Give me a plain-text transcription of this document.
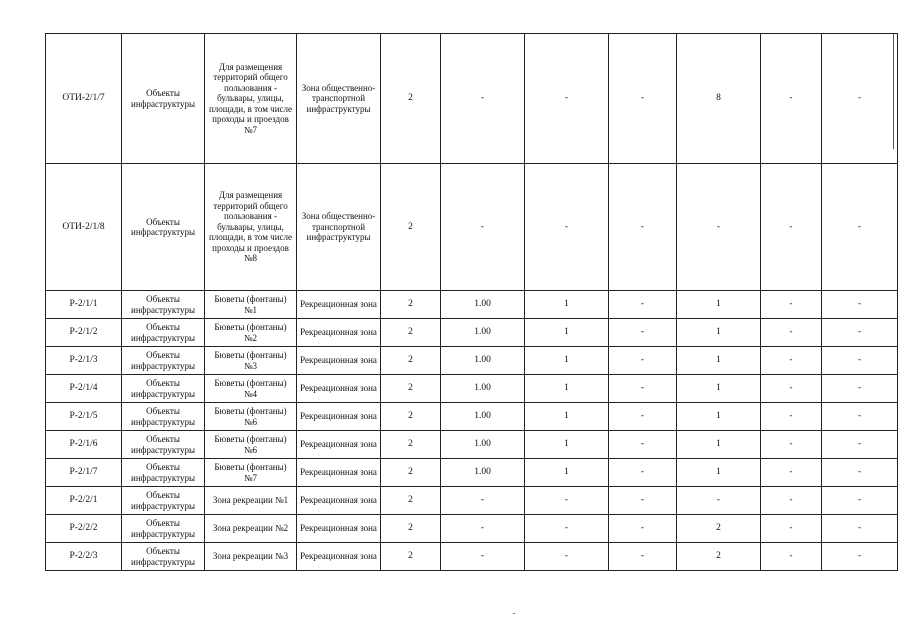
ОТИ-2/1/7	Объекты инфраструктуры	Для размещения территорий общего пользования - бульвары, улицы, площади, в том числе проходы и проездов №7	Зона общественно-транспортной инфраструктуры	2	-	-	-	8	-	-
ОТИ-2/1/8	Объекты инфраструктуры	Для размещения территорий общего пользования - бульвары, улицы, площади, в том числе проходы и проездов №8	Зона общественно-транспортной инфраструктуры	2	-	-	-	-	-	-
Р-2/1/1	Объекты инфраструктуры	Бюветы (фонтаны) №1	Рекреационная зона	2	1.00	1	-	1	-	-
Р-2/1/2	Объекты инфраструктуры	Бюветы (фонтаны) №2	Рекреационная зона	2	1.00	1	-	1	-	-
Р-2/1/3	Объекты инфраструктуры	Бюветы (фонтаны) №3	Рекреационная зона	2	1.00	1	-	1	-	-
Р-2/1/4	Объекты инфраструктуры	Бюветы (фонтаны) №4	Рекреационная зона	2	1.00	1	-	1	-	-
Р-2/1/5	Объекты инфраструктуры	Бюветы (фонтаны) №6	Рекреационная зона	2	1.00	1	-	1	-	-
Р-2/1/6	Объекты инфраструктуры	Бюветы (фонтаны) №6	Рекреационная зона	2	1.00	1	-	1	-	-
Р-2/1/7	Объекты инфраструктуры	Бюветы (фонтаны) №7	Рекреационная зона	2	1.00	1	-	1	-	-
Р-2/2/1	Объекты инфраструктуры	Зона рекреации №1	Рекреационная зона	2	-	-	-	-	-	-
Р-2/2/2	Объекты инфраструктуры	Зона рекреации №2	Рекреационная зона	2	-	-	-	2	-	-
Р-2/2/3	Объекты инфраструктуры	Зона рекреации №3	Рекреационная зона	2	-	-	-	2	-	-
